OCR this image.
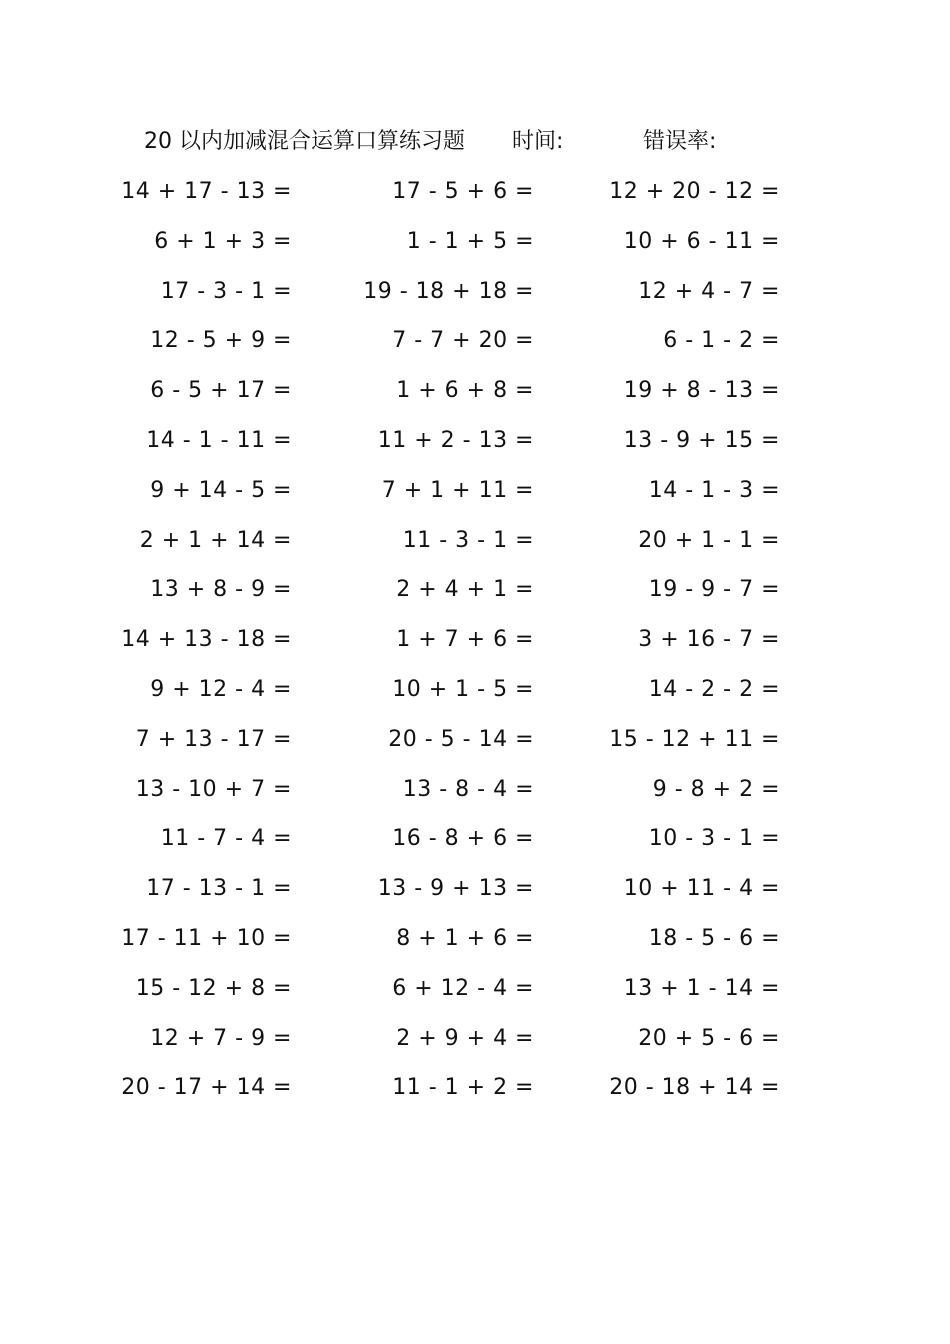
20 以内加减混合运算口算练习题 时间:	错误率:
14 + 17 - 13 =	17 - 5 + 6 =	12 + 20 - 12 =
6 + 1 + 3 =	1 - 1 + 5 =	10 + 6 - 11 =
17 - 3 - 1 =	19 - 18 + 18 =	12 + 4 - 7 =
12 - 5 + 9 =	7 - 7 + 20 =	6 - 1 - 2 =
6 - 5 + 17 =	1 + 6 + 8 =	19 + 8 - 13 =
14 - 1 - 11 =	11 + 2 - 13 =	13 - 9 + 15 =
9 + 14 - 5 =	7 + 1 + 11 =	14 - 1 - 3 =
2 + 1 + 14 =	11 - 3 - 1 =	20 + 1 - 1 =
13 + 8 - 9 =	2 + 4 + 1 =	19 - 9 - 7 =
14 + 13 - 18 =	1 + 7 + 6 =	3 + 16 - 7 =
9 + 12 - 4 =	10 + 1 - 5 =	14 - 2 - 2 =
7 + 13 - 17 =	20 - 5 - 14 =	15 - 12 + 11 =
13 - 10 + 7 =	13 - 8 - 4 =	9 - 8 + 2 =
11 - 7 - 4 =	16 - 8 + 6 =	10 - 3 - 1 =
17 - 13 - 1 =	13 - 9 + 13 =	10 + 11 - 4 =
17 - 11 + 10 =	8 + 1 + 6 =	18 - 5 - 6 =
15 - 12 + 8 =	6 + 12 - 4 =	13 + 1 - 14 =
12 + 7 - 9 =	2 + 9 + 4 =	20 + 5 - 6 =
20 - 17 + 14 =	11 - 1 + 2 =	20 - 18 + 14 =
